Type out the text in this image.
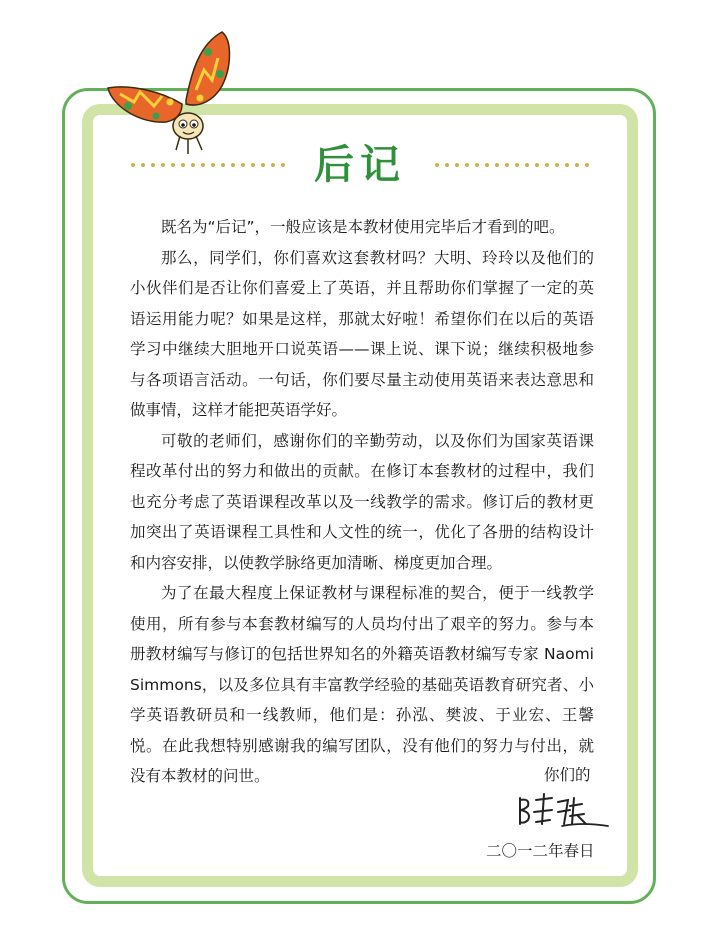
后记

既名为“后记”，一般应该是本教材使用完毕后才看到的吧。

那么，同学们，你们喜欢这套教材吗？大明、玲玲以及他们的小伙伴们是否让你们喜爱上了英语，并且帮助你们掌握了一定的英语运用能力呢？如果是这样，那就太好啦！希望你们在以后的英语学习中继续大胆地开口说英语——课上说、课下说；继续积极地参与各项语言活动。一句话，你们要尽量主动使用英语来表达意思和做事情，这样才能把英语学好。

可敬的老师们，感谢你们的辛勤劳动，以及你们为国家英语课程改革付出的努力和做出的贡献。在修订本套教材的过程中，我们也充分考虑了英语课程改革以及一线教学的需求。修订后的教材更加突出了英语课程工具性和人文性的统一，优化了各册的结构设计和内容安排，以使教学脉络更加清晰、梯度更加合理。

为了在最大程度上保证教材与课程标准的契合，便于一线教学使用，所有参与本套教材编写的人员均付出了艰辛的努力。参与本册教材编写与修订的包括世界知名的外籍英语教材编写专家 Naomi Simmons，以及多位具有丰富教学经验的基础英语教育研究者、小学英语教研员和一线教师，他们是：孙泓、樊波、于业宏、王馨悦。在此我想特别感谢我的编写团队，没有他们的努力与付出，就没有本教材的问世。	你们的
二〇一二年春日
